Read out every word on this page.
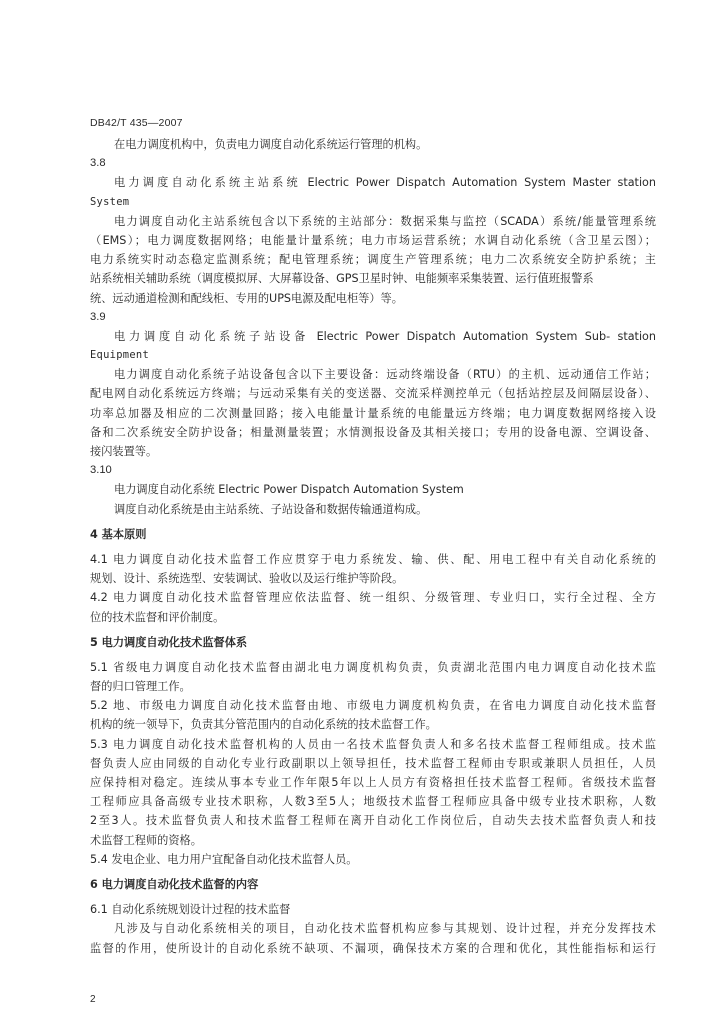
DB42/T 435—2007
在电力调度机构中，负责电力调度自动化系统运行管理的机构。
3.8
电力调度自动化系统主站系统 Electric Power Dispatch Automation System Master station
System
电力调度自动化主站系统包含以下系统的主站部分：数据采集与监控（SCADA）系统/能量管理系统
（EMS）；电力调度数据网络；电能量计量系统；电力市场运营系统；水调自动化系统（含卫星云图）；
电力系统实时动态稳定监测系统；配电管理系统；调度生产管理系统；电力二次系统安全防护系统；主
站系统相关辅助系统（调度模拟屏、大屏幕设备、GPS卫星时钟、电能频率采集装置、运行值班报警系
统、远动通道检测和配线柜、专用的UPS电源及配电柜等）等。
3.9
电力调度自动化系统子站设备 Electric Power Dispatch Automation System Sub- station
Equipment
电力调度自动化系统子站设备包含以下主要设备：远动终端设备（RTU）的主机、远动通信工作站；
配电网自动化系统远方终端；与远动采集有关的变送器、交流采样测控单元（包括站控层及间隔层设备）、
功率总加器及相应的二次测量回路；接入电能量计量系统的电能量远方终端；电力调度数据网络接入设
备和二次系统安全防护设备；相量测量装置；水情测报设备及其相关接口；专用的设备电源、空调设备、
接闪装置等。
3.10
电力调度自动化系统 Electric Power Dispatch Automation System
调度自动化系统是由主站系统、子站设备和数据传输通道构成。
4 基本原则
4.1 电力调度自动化技术监督工作应贯穿于电力系统发、输、供、配、用电工程中有关自动化系统的
规划、设计、系统选型、安装调试、验收以及运行维护等阶段。
4.2 电力调度自动化技术监督管理应依法监督、统一组织、分级管理、专业归口，实行全过程、全方
位的技术监督和评价制度。
5 电力调度自动化技术监督体系
5.1 省级电力调度自动化技术监督由湖北电力调度机构负责，负责湖北范围内电力调度自动化技术监
督的归口管理工作。
5.2 地、市级电力调度自动化技术监督由地、市级电力调度机构负责，在省电力调度自动化技术监督
机构的统一领导下，负责其分管范围内的自动化系统的技术监督工作。
5.3 电力调度自动化技术监督机构的人员由一名技术监督负责人和多名技术监督工程师组成。技术监
督负责人应由同级的自动化专业行政副职以上领导担任，技术监督工程师由专职或兼职人员担任，人员
应保持相对稳定。连续从事本专业工作年限5年以上人员方有资格担任技术监督工程师。省级技术监督
工程师应具备高级专业技术职称，人数3至5人；地级技术监督工程师应具备中级专业技术职称，人数
2至3人。技术监督负责人和技术监督工程师在离开自动化工作岗位后，自动失去技术监督负责人和技
术监督工程师的资格。
5.4 发电企业、电力用户宜配备自动化技术监督人员。
6 电力调度自动化技术监督的内容
6.1 自动化系统规划设计过程的技术监督
凡涉及与自动化系统相关的项目，自动化技术监督机构应参与其规划、设计过程，并充分发挥技术
监督的作用，使所设计的自动化系统不缺项、不漏项，确保技术方案的合理和优化，其性能指标和运行
2
